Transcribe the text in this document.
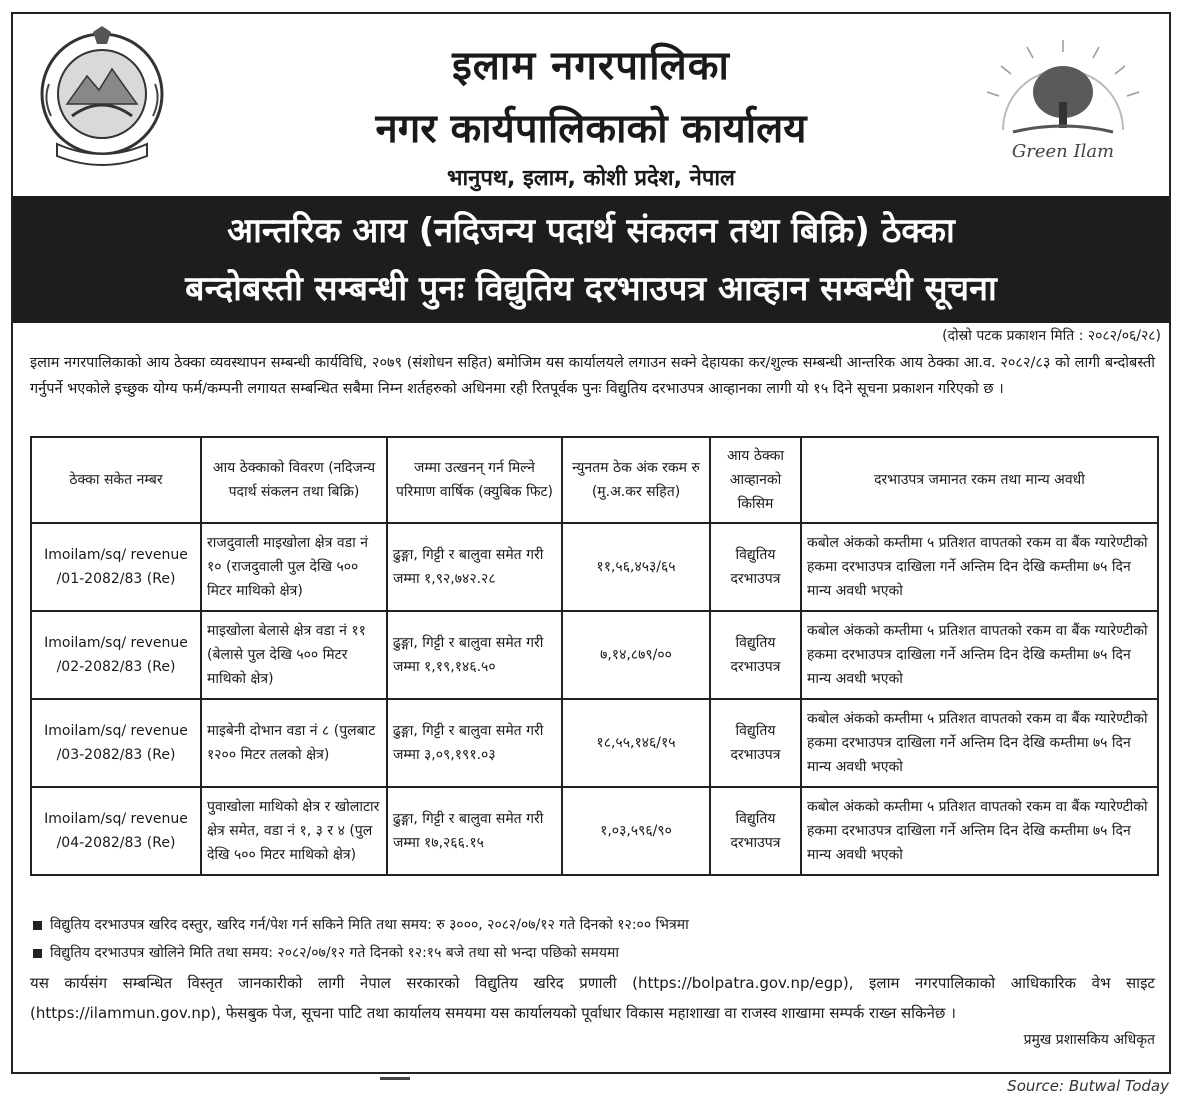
इलाम नगरपालिका
नगर कार्यपालिकाको कार्यालय
भानुपथ, इलाम, कोशी प्रदेश, नेपाल
Green Ilam
आन्तरिक आय (नदिजन्य पदार्थ संकलन तथा बिक्रि) ठेक्का
बन्दोबस्ती सम्बन्धी पुनः विद्युतिय दरभाउपत्र आव्हान सम्बन्धी सूचना
(दोस्रो पटक प्रकाशन मिति : २०८२/०६/२८)
इलाम नगरपालिकाको आय ठेक्का व्यवस्थापन सम्बन्धी कार्यविधि, २०७९ (संशोधन सहित) बमोजिम यस कार्यालयले लगाउन सक्ने देहायका कर/शुल्क सम्बन्धी आन्तरिक आय ठेक्का आ.व. २०८२/८३ को लागी बन्दोबस्ती गर्नुपर्ने भएकोले इच्छुक योग्य फर्म/कम्पनी लगायत सम्बन्धित सबैमा निम्न शर्तहरुको अधिनमा रही रितपूर्वक पुनः विद्युतिय दरभाउपत्र आव्हानका लागी यो १५ दिने सूचना प्रकाशन गरिएको छ ।
ठेक्का सकेत नम्बर	आय ठेक्काको विवरण (नदिजन्य पदार्थ संकलन तथा बिक्रि)	जम्मा उत्खनन् गर्न मिल्ने परिमाण वार्षिक (क्युबिक फिट)	न्युनतम ठेक अंक रकम रु (मु.अ.कर सहित)	आय ठेक्का आव्हानको किसिम	दरभाउपत्र जमानत रकम तथा मान्य अवधी
Imoilam/sq/ revenue /01-2082/83 (Re)	राजदुवाली माइखोला क्षेत्र वडा नं १० (राजदुवाली पुल देखि ५०० मिटर माथिको क्षेत्र)	ढुङ्गा, गिट्टी र बालुवा समेत गरी जम्मा १,९२,७४२.२८	११,५६,४५३/६५	विद्युतिय दरभाउपत्र	कबोल अंकको कम्तीमा ५ प्रतिशत वापतको रकम वा बैंक ग्यारेण्टीको हकमा दरभाउपत्र दाखिला गर्ने अन्तिम दिन देखि कम्तीमा ७५ दिन मान्य अवधी भएको
Imoilam/sq/ revenue /02-2082/83 (Re)	माइखोला बेलासे क्षेत्र वडा नं ११ (बेलासे पुल देखि ५०० मिटर माथिको क्षेत्र)	ढुङ्गा, गिट्टी र बालुवा समेत गरी जम्मा १,१९,१४६.५०	७,१४,८७९/००	विद्युतिय दरभाउपत्र	कबोल अंकको कम्तीमा ५ प्रतिशत वापतको रकम वा बैंक ग्यारेण्टीको हकमा दरभाउपत्र दाखिला गर्ने अन्तिम दिन देखि कम्तीमा ७५ दिन मान्य अवधी भएको
Imoilam/sq/ revenue /03-2082/83 (Re)	माइबेनी दोभान वडा नं ८ (पुलबाट १२०० मिटर तलको क्षेत्र)	ढुङ्गा, गिट्टी र बालुवा समेत गरी जम्मा ३,०९,१९१.०३	१८,५५,१४६/१५	विद्युतिय दरभाउपत्र	कबोल अंकको कम्तीमा ५ प्रतिशत वापतको रकम वा बैंक ग्यारेण्टीको हकमा दरभाउपत्र दाखिला गर्ने अन्तिम दिन देखि कम्तीमा ७५ दिन मान्य अवधी भएको
Imoilam/sq/ revenue /04-2082/83 (Re)	पुवाखोला माथिको क्षेत्र र खोलाटार क्षेत्र समेत, वडा नं १, ३ र ४ (पुल देखि ५०० मिटर माथिको क्षेत्र)	ढुङ्गा, गिट्टी र बालुवा समेत गरी जम्मा १७,२६६.१५	१,०३,५९६/९०	विद्युतिय दरभाउपत्र	कबोल अंकको कम्तीमा ५ प्रतिशत वापतको रकम वा बैंक ग्यारेण्टीको हकमा दरभाउपत्र दाखिला गर्ने अन्तिम दिन देखि कम्तीमा ७५ दिन मान्य अवधी भएको
विद्युतिय दरभाउपत्र खरिद दस्तुर, खरिद गर्न/पेश गर्न सकिने मिति तथा समय: रु ३०००, २०८२/०७/१२ गते दिनको १२:०० भित्रमा
विद्युतिय दरभाउपत्र खोलिने मिति तथा समय: २०८२/०७/१२ गते दिनको १२:१५ बजे तथा सो भन्दा पछिको समयमा
यस कार्यसंग सम्बन्धित विस्तृत जानकारीको लागी नेपाल सरकारको विद्युतिय खरिद प्रणाली (https://bolpatra.gov.np/egp), इलाम नगरपालिकाको आधिकारिक वेभ साइट (https://ilammun.gov.np), फेसबुक पेज, सूचना पाटि तथा कार्यालय समयमा यस कार्यालयको पूर्वाधार विकास महाशाखा वा राजस्व शाखामा सम्पर्क राख्न सकिनेछ ।
प्रमुख प्रशासकिय अधिकृत
Source: Butwal Today
